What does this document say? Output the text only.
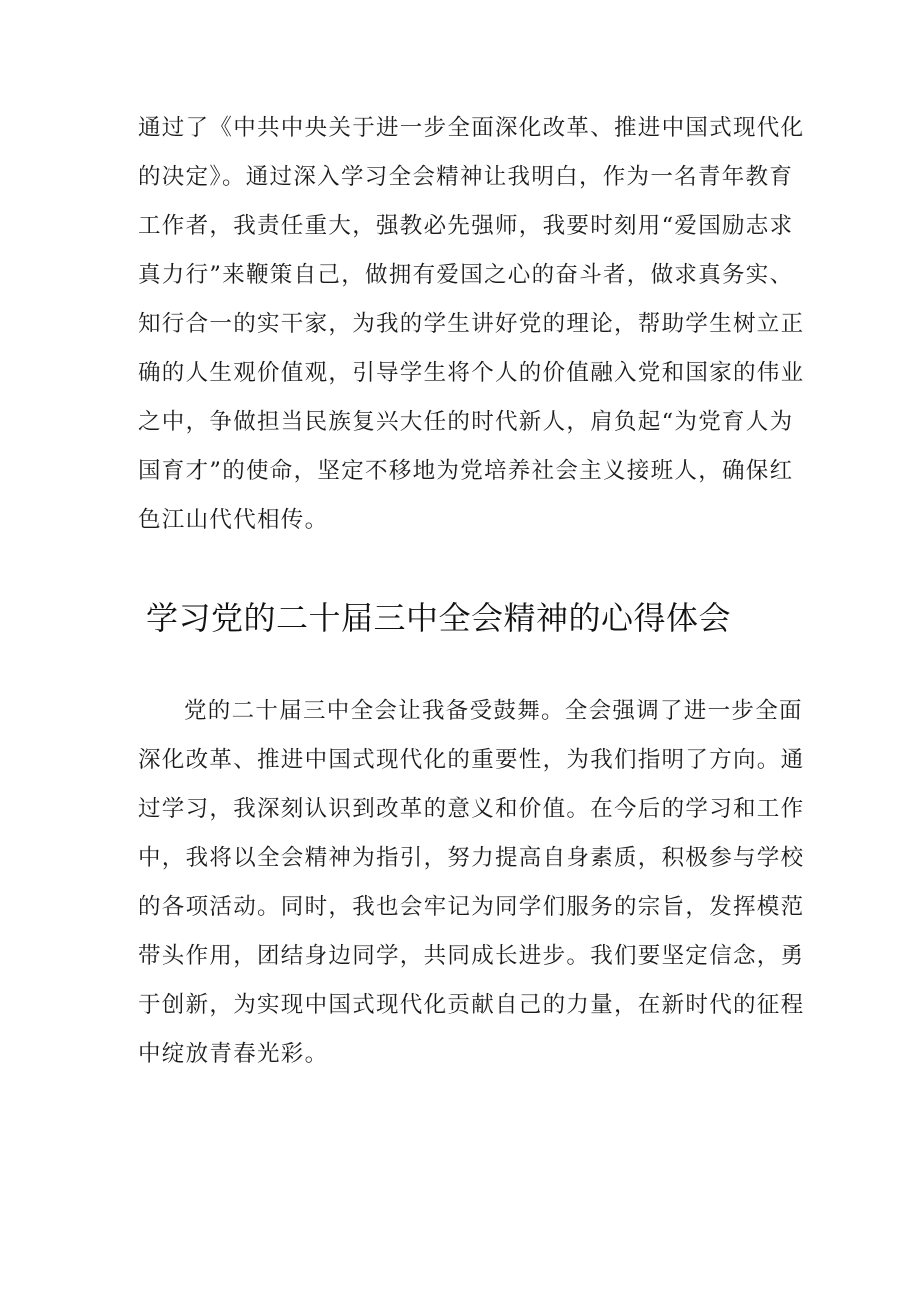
通过了《中共中央关于进一步全面深化改革、推进中国式现代化
的决定》。通过深入学习全会精神让我明白，作为一名青年教育
工作者，我责任重大，强教必先强师，我要时刻用“爱国励志求
真力行”来鞭策自己，做拥有爱国之心的奋斗者，做求真务实、
知行合一的实干家，为我的学生讲好党的理论，帮助学生树立正
确的人生观价值观，引导学生将个人的价值融入党和国家的伟业
之中，争做担当民族复兴大任的时代新人，肩负起“为党育人为
国育才”的使命，坚定不移地为党培养社会主义接班人，确保红
色江山代代相传。
学习党的二十届三中全会精神的心得体会
党的二十届三中全会让我备受鼓舞。全会强调了进一步全面
深化改革、推进中国式现代化的重要性，为我们指明了方向。通
过学习，我深刻认识到改革的意义和价值。在今后的学习和工作
中，我将以全会精神为指引，努力提高自身素质，积极参与学校
的各项活动。同时，我也会牢记为同学们服务的宗旨，发挥模范
带头作用，团结身边同学，共同成长进步。我们要坚定信念，勇
于创新，为实现中国式现代化贡献自己的力量，在新时代的征程
中绽放青春光彩。
